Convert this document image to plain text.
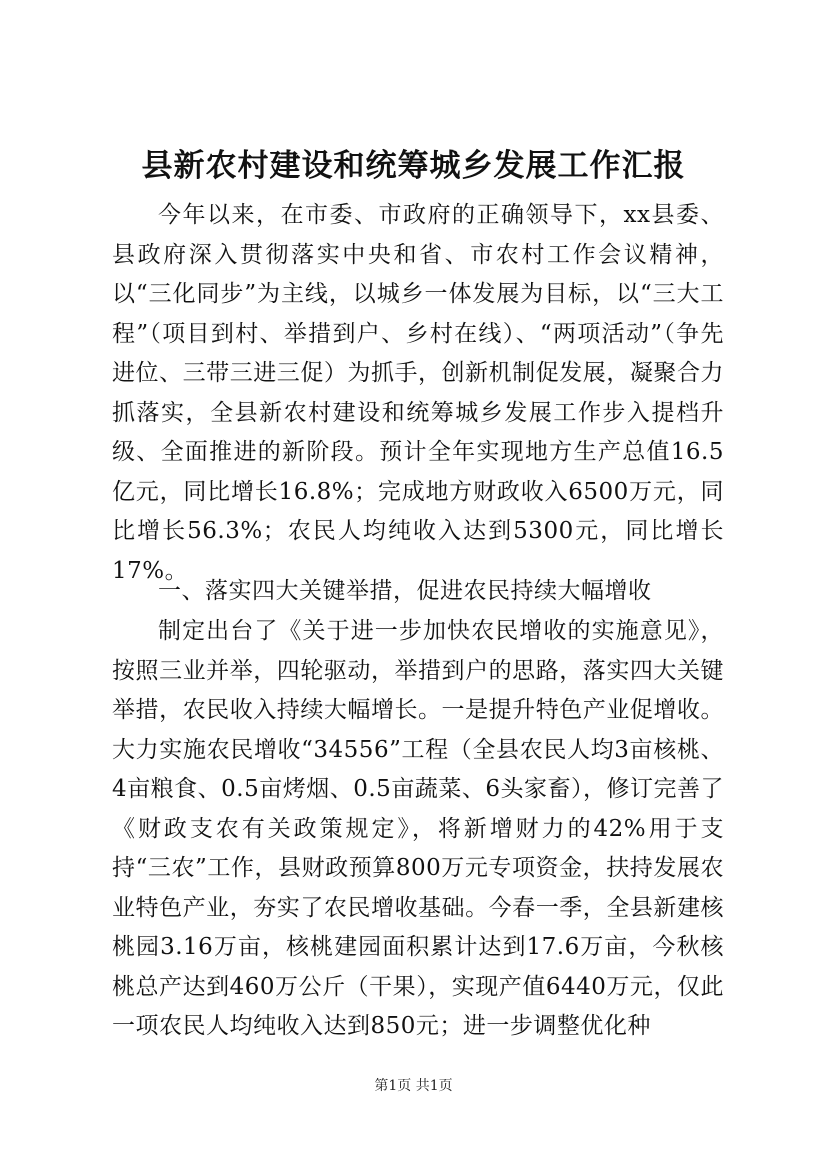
县新农村建设和统筹城乡发展工作汇报

今年以来，在市委、市政府的正确领导下，xx县委、县政府深入贯彻落实中央和省、市农村工作会议精神，以“三化同步”为主线，以城乡一体发展为目标，以“三大工程”（项目到村、举措到户、乡村在线）、“两项活动”（争先进位、三带三进三促）为抓手，创新机制促发展，凝聚合力抓落实，全县新农村建设和统筹城乡发展工作步入提档升级、全面推进的新阶段。预计全年实现地方生产总值16.5亿元，同比增长16.8%；完成地方财政收入6500万元，同比增长56.3%；农民人均纯收入达到5300元，同比增长17%。

一、落实四大关键举措，促进农民持续大幅增收

制定出台了《关于进一步加快农民增收的实施意见》，按照三业并举，四轮驱动，举措到户的思路，落实四大关键举措，农民收入持续大幅增长。一是提升特色产业促增收。大力实施农民增收“34556”工程（全县农民人均3亩核桃、4亩粮食、0.5亩烤烟、0.5亩蔬菜、6头家畜），修订完善了《财政支农有关政策规定》，将新增财力的42%用于支持“三农”工作，县财政预算800万元专项资金，扶持发展农业特色产业，夯实了农民增收基础。今春一季，全县新建核桃园3.16万亩，核桃建园面积累计达到17.6万亩，今秋核桃总产达到460万公斤（干果），实现产值6440万元，仅此一项农民人均纯收入达到850元；进一步调整优化种

第1页 共1页
